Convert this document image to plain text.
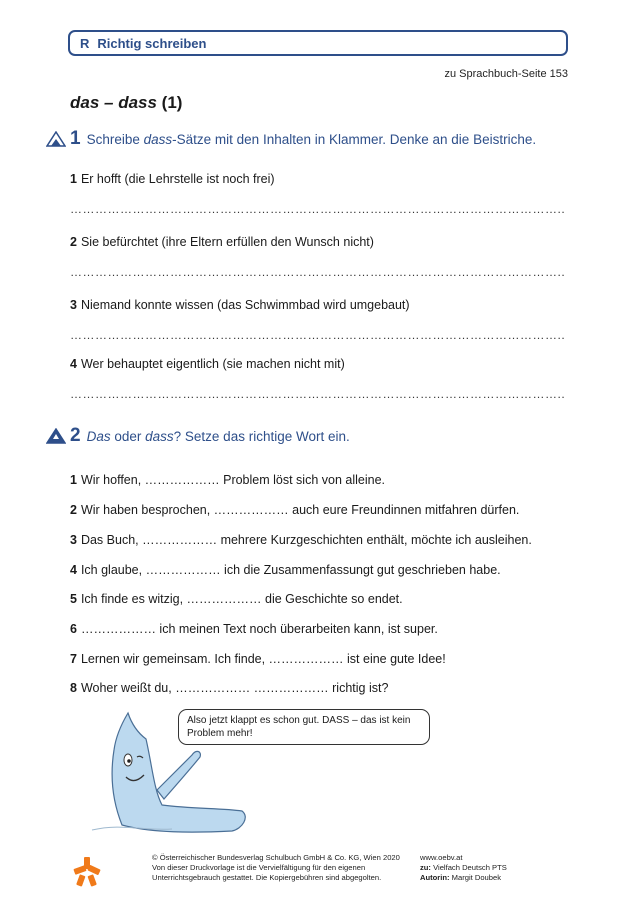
R Richtig schreiben
zu Sprachbuch-Seite 153
das – dass (1)
1 Schreibe dass-Sätze mit den Inhalten in Klammer. Denke an die Beistriche.
1 Er hofft (die Lehrstelle ist noch frei)
………………………………………………………………………………………………………..
2 Sie befürchtet (ihre Eltern erfüllen den Wunsch nicht)
………………………………………………………………………………………………………..
3 Niemand konnte wissen (das Schwimmbad wird umgebaut)
………………………………………………………………………………………………………..
4 Wer behauptet eigentlich (sie machen nicht mit)
………………………………………………………………………………………………………..
2 Das oder dass? Setze das richtige Wort ein.
1 Wir hoffen, ……………… Problem löst sich von alleine.
2 Wir haben besprochen, ……………… auch eure Freundinnen mitfahren dürfen.
3 Das Buch, ……………… mehrere Kurzgeschichten enthält, möchte ich ausleihen.
4 Ich glaube, ……………… ich die Zusammenfassungt gut geschrieben habe.
5 Ich finde es witzig, ……………… die Geschichte so endet.
6 ……………… ich meinen Text noch überarbeiten kann, ist super.
7 Lernen wir gemeinsam. Ich finde, ……………… ist eine gute Idee!
8 Woher weißt du, ……………… ……………… richtig ist?
Also jetzt klappt es schon gut. DASS – das ist kein Problem mehr!
© Österreichischer Bundesverlag Schulbuch GmbH & Co. KG, Wien 2020
Von dieser Druckvorlage ist die Vervielfältigung für den eigenen
Unterrichtsgebrauch gestattet. Die Kopiergebühren sind abgegolten.
www.oebv.at
zu: Vielfach Deutsch PTS
Autorin: Margit Doubek
